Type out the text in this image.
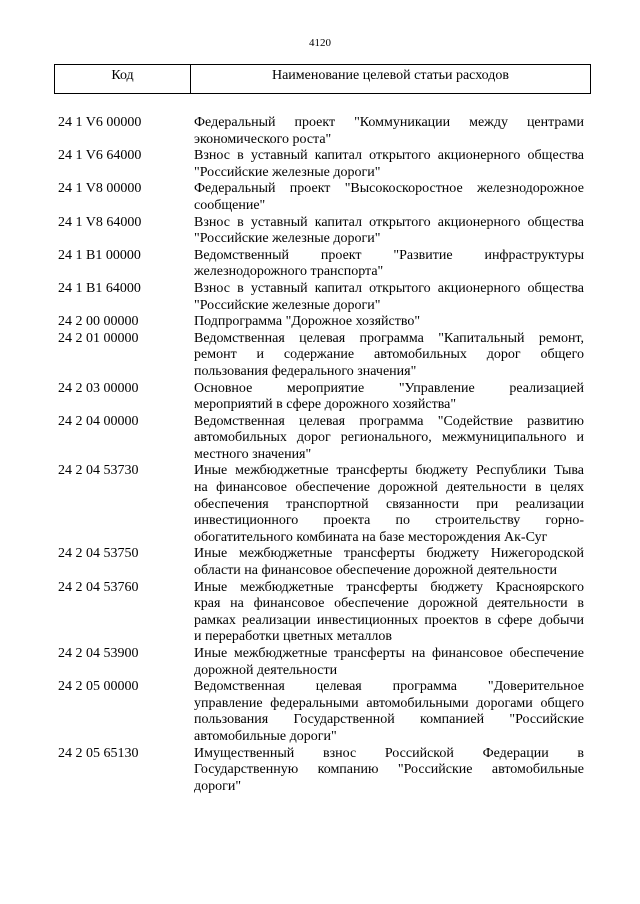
4120
Код	Наименование целевой статьи расходов
24 1 V6 00000	Федеральный проект "Коммуникации между центрами
экономического роста"
24 1 V6 64000	Взнос в уставный капитал открытого акционерного общества
"Российские железные дороги"
24 1 V8 00000	Федеральный проект "Высокоскоростное железнодорожное
сообщение"
24 1 V8 64000	Взнос в уставный капитал открытого акционерного общества
"Российские железные дороги"
24 1 В1 00000	Ведомственный проект "Развитие инфраструктуры
железнодорожного транспорта"
24 1 В1 64000	Взнос в уставный капитал открытого акционерного общества
"Российские железные дороги"
24 2 00 00000	Подпрограмма "Дорожное хозяйство"
24 2 01 00000	Ведомственная целевая программа "Капитальный ремонт,
ремонт и содержание автомобильных дорог общего
пользования федерального значения"
24 2 03 00000	Основное мероприятие "Управление реализацией
мероприятий в сфере дорожного хозяйства"
24 2 04 00000	Ведомственная целевая программа "Содействие развитию
автомобильных дорог регионального, межмуниципального и
местного значения"
24 2 04 53730	Иные межбюджетные трансферты бюджету Республики Тыва
на финансовое обеспечение дорожной деятельности в целях
обеспечения транспортной связанности при реализации
инвестиционного проекта по строительству горно-
обогатительного комбината на базе месторождения Ак-Суг
24 2 04 53750	Иные межбюджетные трансферты бюджету Нижегородской
области на финансовое обеспечение дорожной деятельности
24 2 04 53760	Иные межбюджетные трансферты бюджету Красноярского
края на финансовое обеспечение дорожной деятельности в
рамках реализации инвестиционных проектов в сфере добычи
и переработки цветных металлов
24 2 04 53900	Иные межбюджетные трансферты на финансовое обеспечение
дорожной деятельности
24 2 05 00000	Ведомственная целевая программа "Доверительное
управление федеральными автомобильными дорогами общего
пользования Государственной компанией "Российские
автомобильные дороги"
24 2 05 65130	Имущественный взнос Российской Федерации в
Государственную компанию "Российские автомобильные
дороги"
